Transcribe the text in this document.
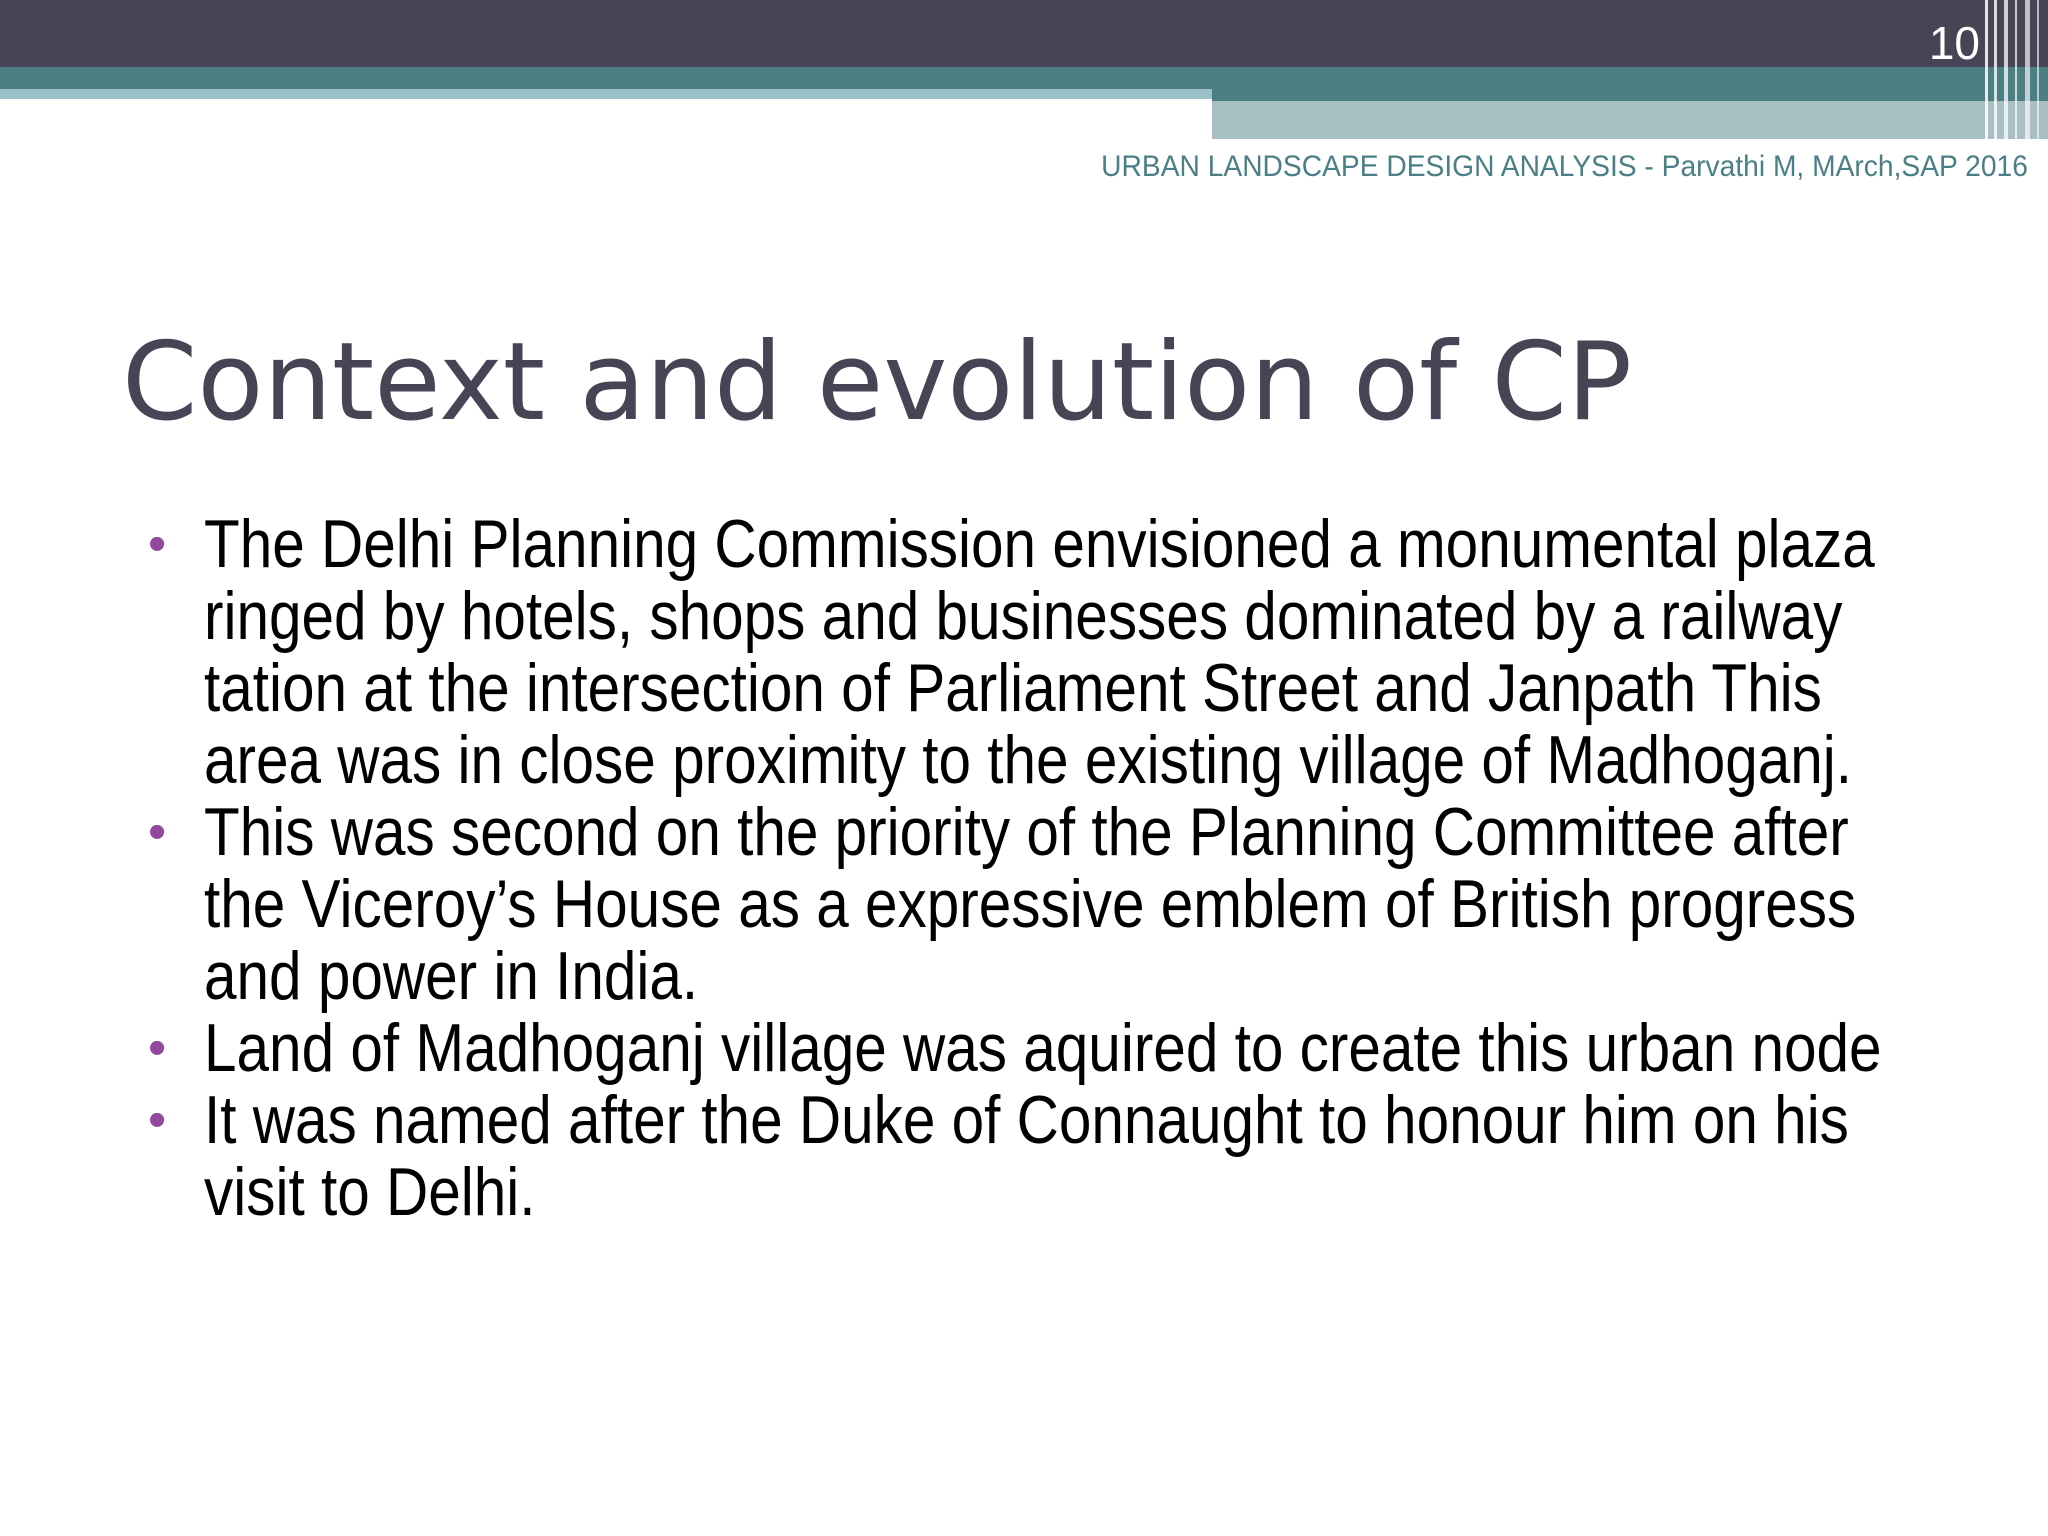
10
URBAN LANDSCAPE DESIGN ANALYSIS - Parvathi M, MArch,SAP 2016
Context and evolution of CP
• The Delhi Planning Commission envisioned a monumental plaza ringed by hotels, shops and businesses dominated by a railway tation at the intersection of Parliament Street and Janpath This area was in close proximity to the existing village of Madhoganj.
• This was second on the priority of the Planning Committee after the Viceroy’s House as a expressive emblem of British progress and power in India.
• Land of Madhoganj village was aquired to create this urban node
• It was named after the Duke of Connaught to honour him on his visit to Delhi.
